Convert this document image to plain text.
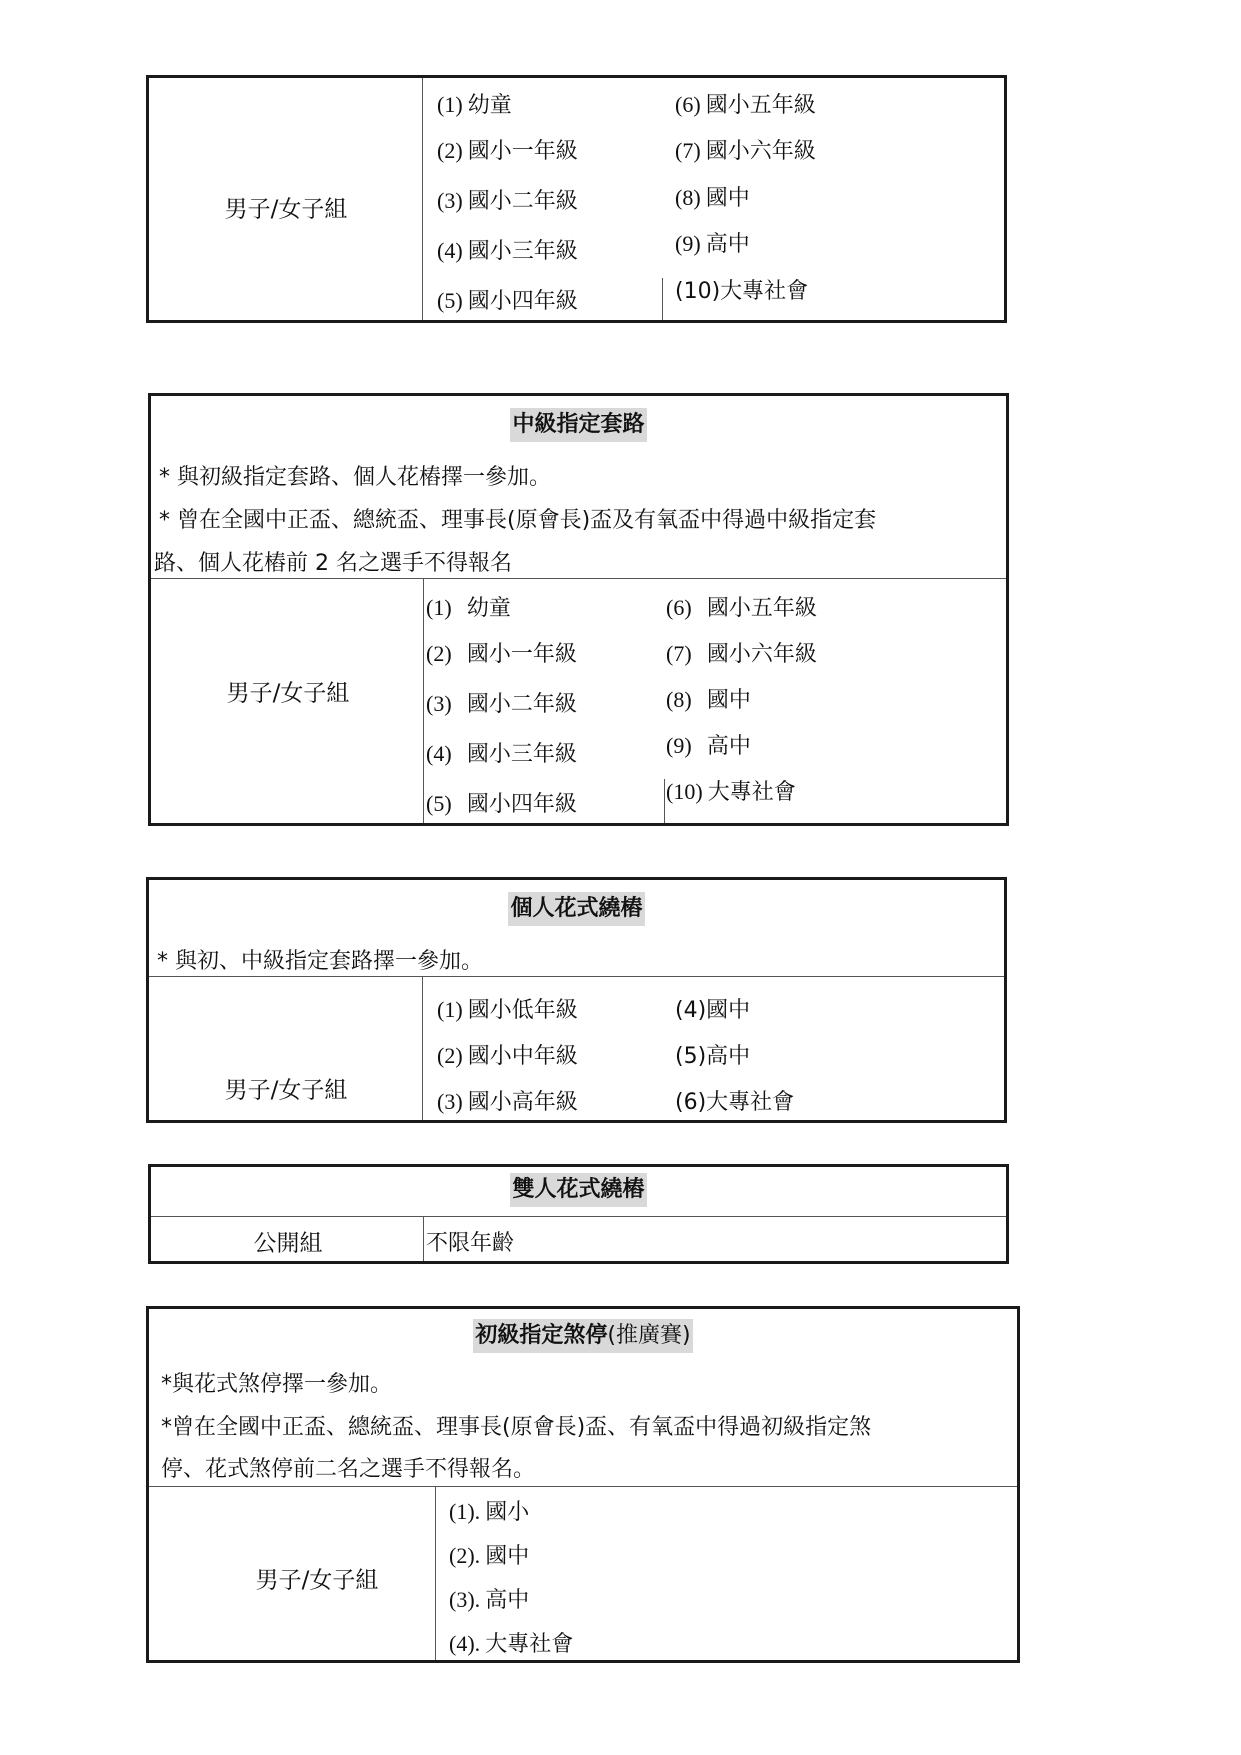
男子/女子組
(1) 幼童
(2) 國小一年級
(3) 國小二年級
(4) 國小三年級
(5) 國小四年級
(6) 國小五年級
(7) 國小六年級
(8) 國中
(9) 高中
(10)大專社會
中級指定套路
* 與初級指定套路、個人花樁擇一參加。
* 曾在全國中正盃、總統盃、理事長(原會長)盃及有氧盃中得過中級指定套
路、個人花樁前 2 名之選手不得報名
男子/女子組
(1) 幼童
(2) 國小一年級
(3) 國小二年級
(4) 國小三年級
(5) 國小四年級
(6) 國小五年級
(7) 國小六年級
(8) 國中
(9) 高中
(10) 大專社會
個人花式繞樁
* 與初、中級指定套路擇一參加。
男子/女子組
(1) 國小低年級
(2) 國小中年級
(3) 國小高年級
(4)國中
(5)高中
(6)大專社會
雙人花式繞樁
公開組	不限年齡
初級指定煞停(推廣賽)
*與花式煞停擇一參加。
*曾在全國中正盃、總統盃、理事長(原會長)盃、有氧盃中得過初級指定煞
停、花式煞停前二名之選手不得報名。
男子/女子組
(1). 國小
(2). 國中
(3). 高中
(4). 大專社會
